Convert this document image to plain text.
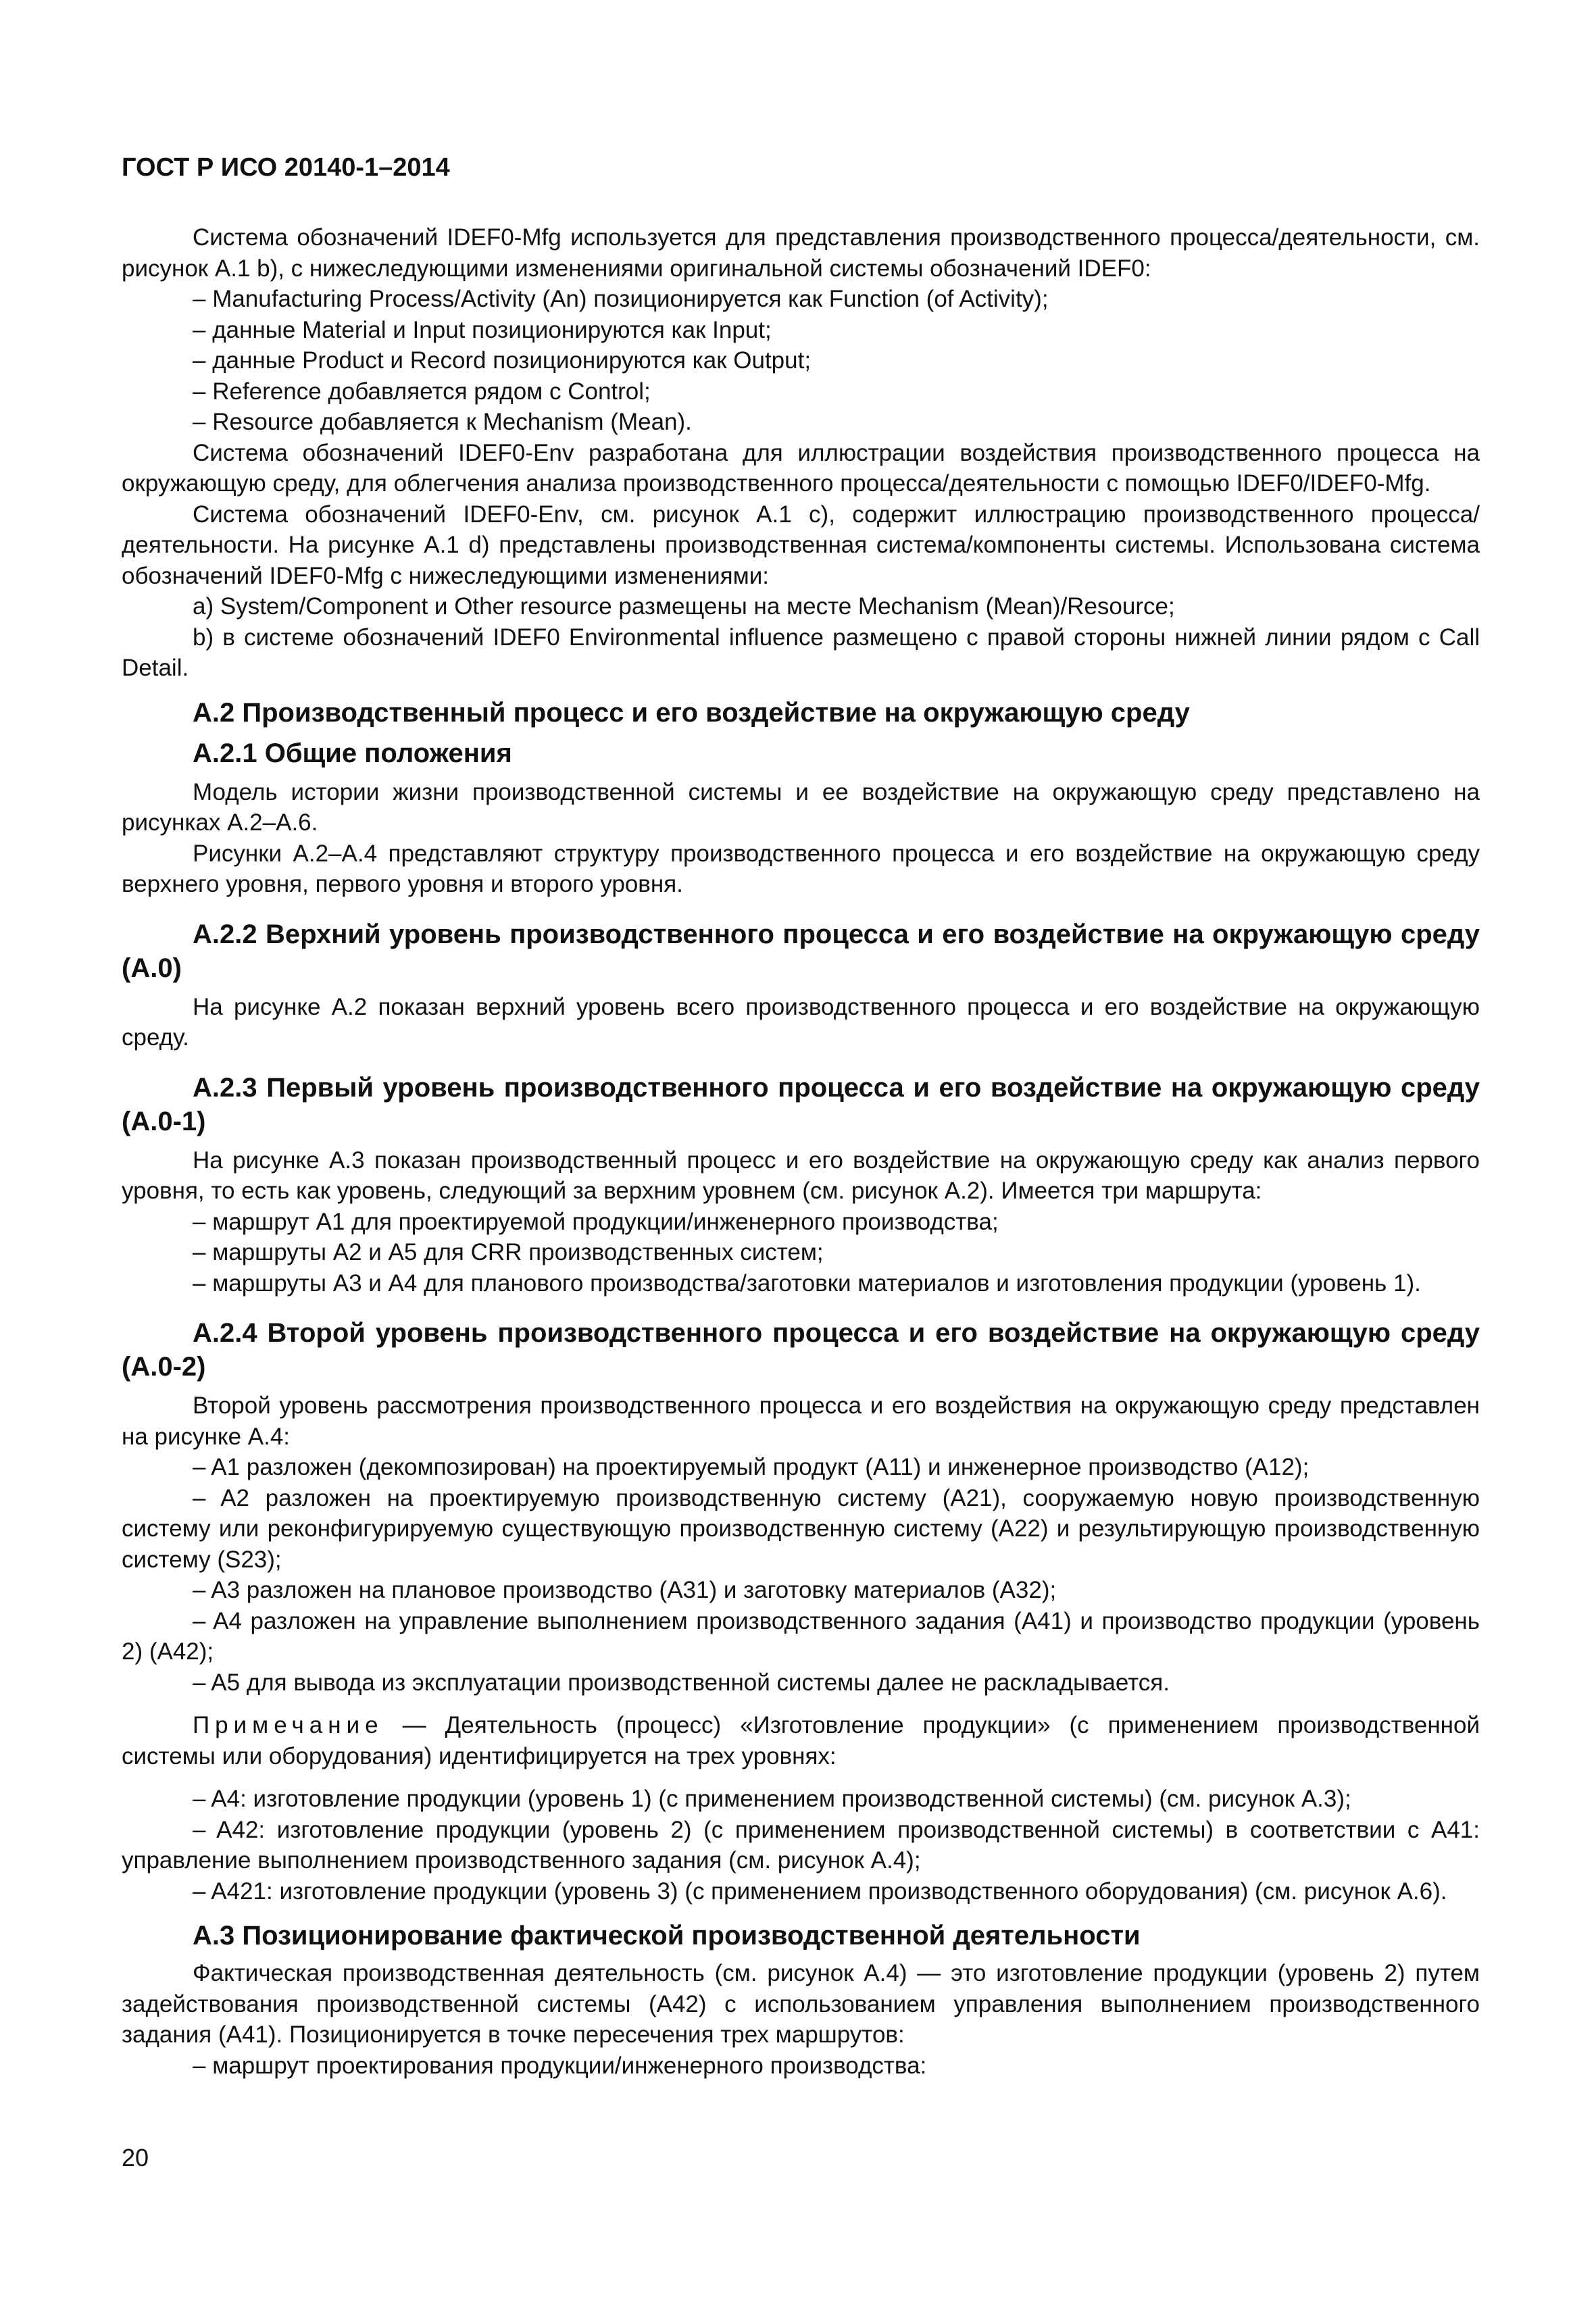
ГОСТ Р ИСО 20140-1–2014

Система обозначений IDEF0-Mfg используется для представления производственного процесса/деятельности, см. рисунок A.1 b), с нижеследующими изменениями оригинальной системы обозначений IDEF0:

– Manufacturing Process/Activity (An) позиционируется как Function (of Activity);

– данные Material и Input позиционируются как Input;

– данные Product и Record позиционируются как Output;

– Reference добавляется рядом с Control;

– Resource добавляется к Mechanism (Mean).

Система обозначений IDEF0-Env разработана для иллюстрации воздействия производственного процесса на окружающую среду, для облегчения анализа производственного процесса/деятельности с помощью IDEF0/IDEF0-Mfg.

Система обозначений IDEF0-Env, см. рисунок A.1 c), содержит иллюстрацию производственного процесса/деятельности. На рисунке A.1 d) представлены производственная система/компоненты системы. Использована система обозначений IDEF0-Mfg с нижеследующими изменениями:

a) System/Component и Other resource размещены на месте Mechanism (Mean)/Resource;

b) в системе обозначений IDEF0 Environmental influence размещено с правой стороны нижней линии рядом с Call Detail.

A.2 Производственный процесс и его воздействие на окружающую среду
A.2.1 Общие положения

Модель истории жизни производственной системы и ее воздействие на окружающую среду представлено на рисунках A.2–A.6.

Рисунки A.2–A.4 представляют структуру производственного процесса и его воздействие на окружающую среду верхнего уровня, первого уровня и второго уровня.

A.2.2 Верхний уровень производственного процесса и его воздействие на окружающую среду (A.0)

На рисунке A.2 показан верхний уровень всего производственного процесса и его воздействие на окружающую среду.

A.2.3 Первый уровень производственного процесса и его воздействие на окружающую среду (A.0-1)

На рисунке A.3 показан производственный процесс и его воздействие на окружающую среду как анализ первого уровня, то есть как уровень, следующий за верхним уровнем (см. рисунок A.2). Имеется три маршрута:

– маршрут A1 для проектируемой продукции/инженерного производства;

– маршруты A2 и A5 для CRR производственных систем;

– маршруты A3 и A4 для планового производства/заготовки материалов и изготовления продукции (уровень 1).

A.2.4 Второй уровень производственного процесса и его воздействие на окружающую среду (A.0-2)

Второй уровень рассмотрения производственного процесса и его воздействия на окружающую среду представлен на рисунке A.4:

– A1 разложен (декомпозирован) на проектируемый продукт (A11) и инженерное производство (A12);

– A2 разложен на проектируемую производственную систему (A21), сооружаемую новую производственную систему или реконфигурируемую существующую производственную систему (A22) и результирующую производственную систему (S23);

– A3 разложен на плановое производство (A31) и заготовку материалов (A32);

– A4 разложен на управление выполнением производственного задания (A41) и производство продукции (уровень 2) (A42);

– A5 для вывода из эксплуатации производственной системы далее не раскладывается.

Примечание — Деятельность (процесс) «Изготовление продукции» (с применением производственной системы или оборудования) идентифицируется на трех уровнях:

– A4: изготовление продукции (уровень 1) (с применением производственной системы) (см. рисунок A.3);

– A42: изготовление продукции (уровень 2) (с применением производственной системы) в соответствии с A41: управление выполнением производственного задания (см. рисунок A.4);

– A421: изготовление продукции (уровень 3) (с применением производственного оборудования) (см. рисунок A.6).

A.3 Позиционирование фактической производственной деятельности

Фактическая производственная деятельность (см. рисунок A.4) — это изготовление продукции (уровень 2) путем задействования производственной системы (A42) с использованием управления выполнением производственного задания (A41). Позиционируется в точке пересечения трех маршрутов:

– маршрут проектирования продукции/инженерного производства:

20
